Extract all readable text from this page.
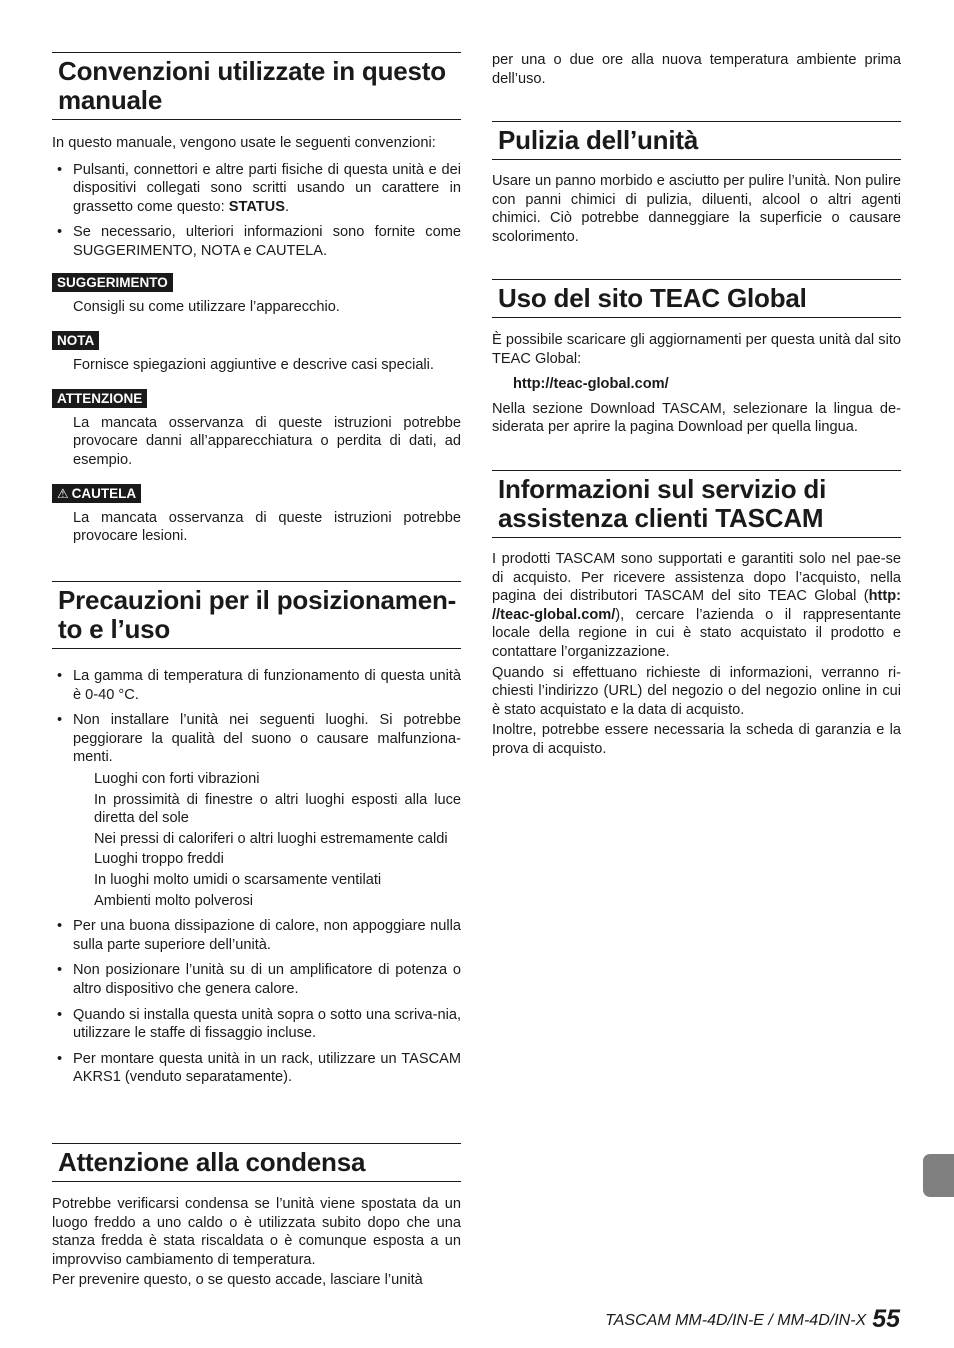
Convenzioni utilizzate in questo manuale

In questo manuale, vengono usate le seguenti convenzioni:

• Pulsanti, connettori e altre parti fisiche di questa unità e dei dispositivi collegati sono scritti usando un carattere in grassetto come questo: STATUS.
• Se necessario, ulteriori informazioni sono fornite come SUGGERIMENTO, NOTA e CAUTELA.
SUGGERIMENTO
Consigli su come utilizzare l’apparecchio.
NOTA
Fornisce spiegazioni aggiuntive e descrive casi speciali.
ATTENZIONE
La mancata osservanza di queste istruzioni potrebbe provocare danni all’apparecchiatura o perdita di dati, ad esempio.
⚠ CAUTELA
La mancata osservanza di queste istruzioni potrebbe provocare lesioni.
Precauzioni per il posizionamen-to e l’uso
• La gamma di temperatura di funzionamento di questa unità è 0-40 °C.
• Non installare l’unità nei seguenti luoghi. Si potrebbe peggiorare la qualità del suono o causare malfunziona-menti.
Luoghi con forti vibrazioni
In prossimità di finestre o altri luoghi esposti alla luce diretta del sole
Nei pressi di caloriferi o altri luoghi estremamente caldi
Luoghi troppo freddi
In luoghi molto umidi o scarsamente ventilati
Ambienti molto polverosi
• Per una buona dissipazione di calore, non appoggiare nulla sulla parte superiore dell’unità.
• Non posizionare l’unità su di un amplificatore di potenza o altro dispositivo che genera calore.
• Quando si installa questa unità sopra o sotto una scriva-nia, utilizzare le staffe di fissaggio incluse.
• Per montare questa unità in un rack, utilizzare un TASCAM AKRS1 (venduto separatamente).
Attenzione alla condensa

Potrebbe verificarsi condensa se l’unità viene spostata da un luogo freddo a uno caldo o è utilizzata subito dopo che una stanza fredda è stata riscaldata o è comunque esposta a un improvviso cambiamento di temperatura.

Per prevenire questo, o se questo accade, lasciare l’unità

per una o due ore alla nuova temperatura ambiente prima dell’uso.

Pulizia dell’unità

Usare un panno morbido e asciutto per pulire l’unità. Non pulire con panni chimici di pulizia, diluenti, alcool o altri agenti chimici. Ciò potrebbe danneggiare la superficie o causare scolorimento.

Uso del sito TEAC Global

È possibile scaricare gli aggiornamenti per questa unità dal sito TEAC Global:

http://teac-global.com/

Nella sezione Download TASCAM, selezionare la lingua de-siderata per aprire la pagina Download per quella lingua.

Informazioni sul servizio di assistenza clienti TASCAM

I prodotti TASCAM sono supportati e garantiti solo nel pae-se di acquisto. Per ricevere assistenza dopo l’acquisto, nella pagina dei distributori TASCAM del sito TEAC Global (http: //teac-global.com/), cercare l’azienda o il rappresentante locale della regione in cui è stato acquistato il prodotto e contattare l’organizzazione.

Quando si effettuano richieste di informazioni, verranno ri-chiesti l’indirizzo (URL) del negozio o del negozio online in cui è stato acquistato e la data di acquisto.

Inoltre, potrebbe essere necessaria la scheda di garanzia e la prova di acquisto.

TASCAM MM-4D/IN-E / MM-4D/IN-X 55
